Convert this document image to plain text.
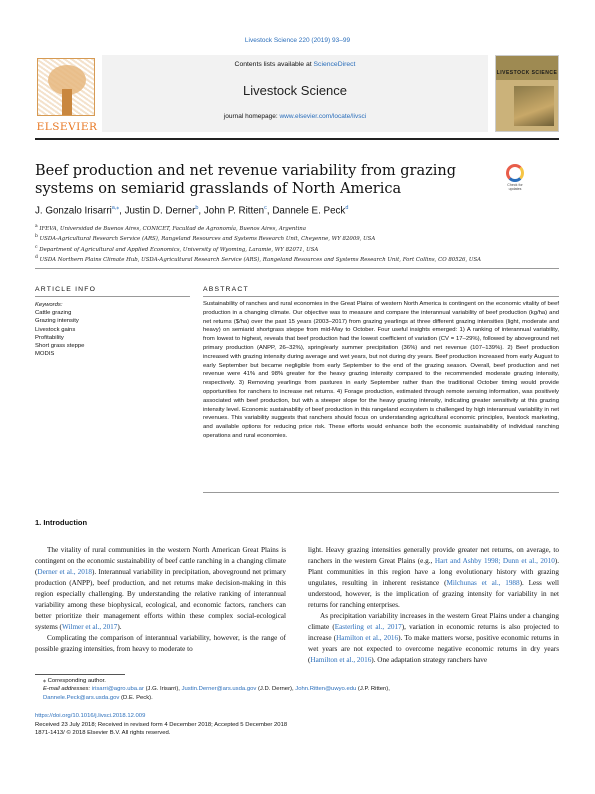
Livestock Science 220 (2019) 93–99
ELSEVIER
Contents lists available at ScienceDirect
Livestock Science
journal homepage: www.elsevier.com/locate/livsci
LIVESTOCK SCIENCE
Beef production and net revenue variability from grazing systems on semiarid grasslands of North America	Check for updates
J. Gonzalo Irisarri$^{a,⁎}$, Justin D. Derner$^b$, John P. Ritten$^c$, Dannele E. Peck$^d$
$^a$ IFEVA, Universidad de Buenos Aires, CONICET, Facultad de Agronomía, Buenos Aires, Argentina
$^b$ USDA-Agricultural Research Service (ARS), Rangeland Resources and Systems Research Unit, Cheyenne, WY 82009, USA
$^c$ Department of Agricultural and Applied Economics, University of Wyoming, Laramie, WY 82071, USA
$^d$ USDA Northern Plains Climate Hub, USDA-Agricultural Research Service (ARS), Rangeland Resources and Systems Research Unit, Fort Collins, CO 80526, USA
ARTICLE INFO	ABSTRACT
Keywords:
Cattle grazing
Grazing intensity
Livestock gains
Profitability
Short grass steppe
MODIS
Sustainability of ranches and rural economies in the Great Plains of western North America is contingent on the economic vitality of beef production in a changing climate. Our objective was to measure and compare the interannual variability of beef production (kg/ha) and net returns ($/ha) over the past 15 years (2003–2017) from grazing yearlings at three different grazing intensities (light, moderate and heavy) on semiarid shortgrass steppe from mid-May to October. Four useful insights emerged: 1) A ranking of interannual variability, from lowest to highest, reveals that beef production had the lowest coefficient of variation (CV = 17–29%), followed by aboveground net primary production (ANPP, 26–32%), spring/early summer precipitation (36%) and net revenue (107–139%). 2) Beef production increased with grazing intensity during average and wet years, but not during dry years. Beef production increased from early August to early September but became negligible from early September to the end of the grazing season. Overall, beef production and net revenue were 41% and 98% greater for the heavy grazing intensity compared to the recommended moderate grazing intensity, respectively. 3) Removing yearlings from pastures in early September rather than the traditional October timing would provide opportunities for ranchers to increase net returns. 4) Forage production, estimated through remote sensing information, was positively associated with beef production, but with a steeper slope for the heavy grazing intensity, indicating greater sensitivity at this grazing intensity level. Economic sustainability of beef production in this rangeland ecosystem is challenged by high interannual variability in net revenues. This variability suggests that ranchers should focus on understanding agricultural economic principles, livestock marketing, and available options for reducing price risk. These efforts would enhance both the economic sustainability of individual ranching operations and rural economies.
1. Introduction

The vitality of rural communities in the western North American Great Plains is contingent on the economic sustainability of beef cattle ranching in a changing climate (Derner et al., 2018). Interannual variability in precipitation, aboveground net primary production (ANPP), beef production, and net returns make decision-making in this region especially challenging. By understanding the relative ranking of interannual variability among these biophysical, ecological, and economic factors, ranchers can better prioritize their management efforts within these complex social-ecological systems (Wilmer et al., 2017).

Complicating the comparison of interannual variability, however, is the range of possible grazing intensities, from heavy to moderate to

light. Heavy grazing intensities generally provide greater net returns, on average, to ranchers in the western Great Plains (e.g., Hart and Ashby 1998; Dunn et al., 2010). Plant communities in this region have a long evolutionary history with grazing ungulates, resulting in inherent resistance (Milchunas et al., 1988). Less well understood, however, is the implication of grazing intensity for variability in net returns for ranching enterprises.

As precipitation variability increases in the western Great Plains under a changing climate (Easterling et al., 2017), variation in economic returns is also projected to increase (Hamilton et al., 2016). To make matters worse, positive economic returns in wet years are not expected to overcome negative economic returns in dry years (Hamilton et al., 2016). One adaptation strategy ranchers have

⁎ Corresponding author.
E-mail addresses: irisarri@agro.uba.ar (J.G. Irisarri), Justin.Derner@ars.usda.gov (J.D. Derner), John.Ritten@uwyo.edu (J.P. Ritten),
Dannele.Peck@ars.usda.gov (D.E. Peck).
https://doi.org/10.1016/j.livsci.2018.12.009
Received 23 July 2018; Received in revised form 4 December 2018; Accepted 5 December 2018
1871-1413/ © 2018 Elsevier B.V. All rights reserved.
